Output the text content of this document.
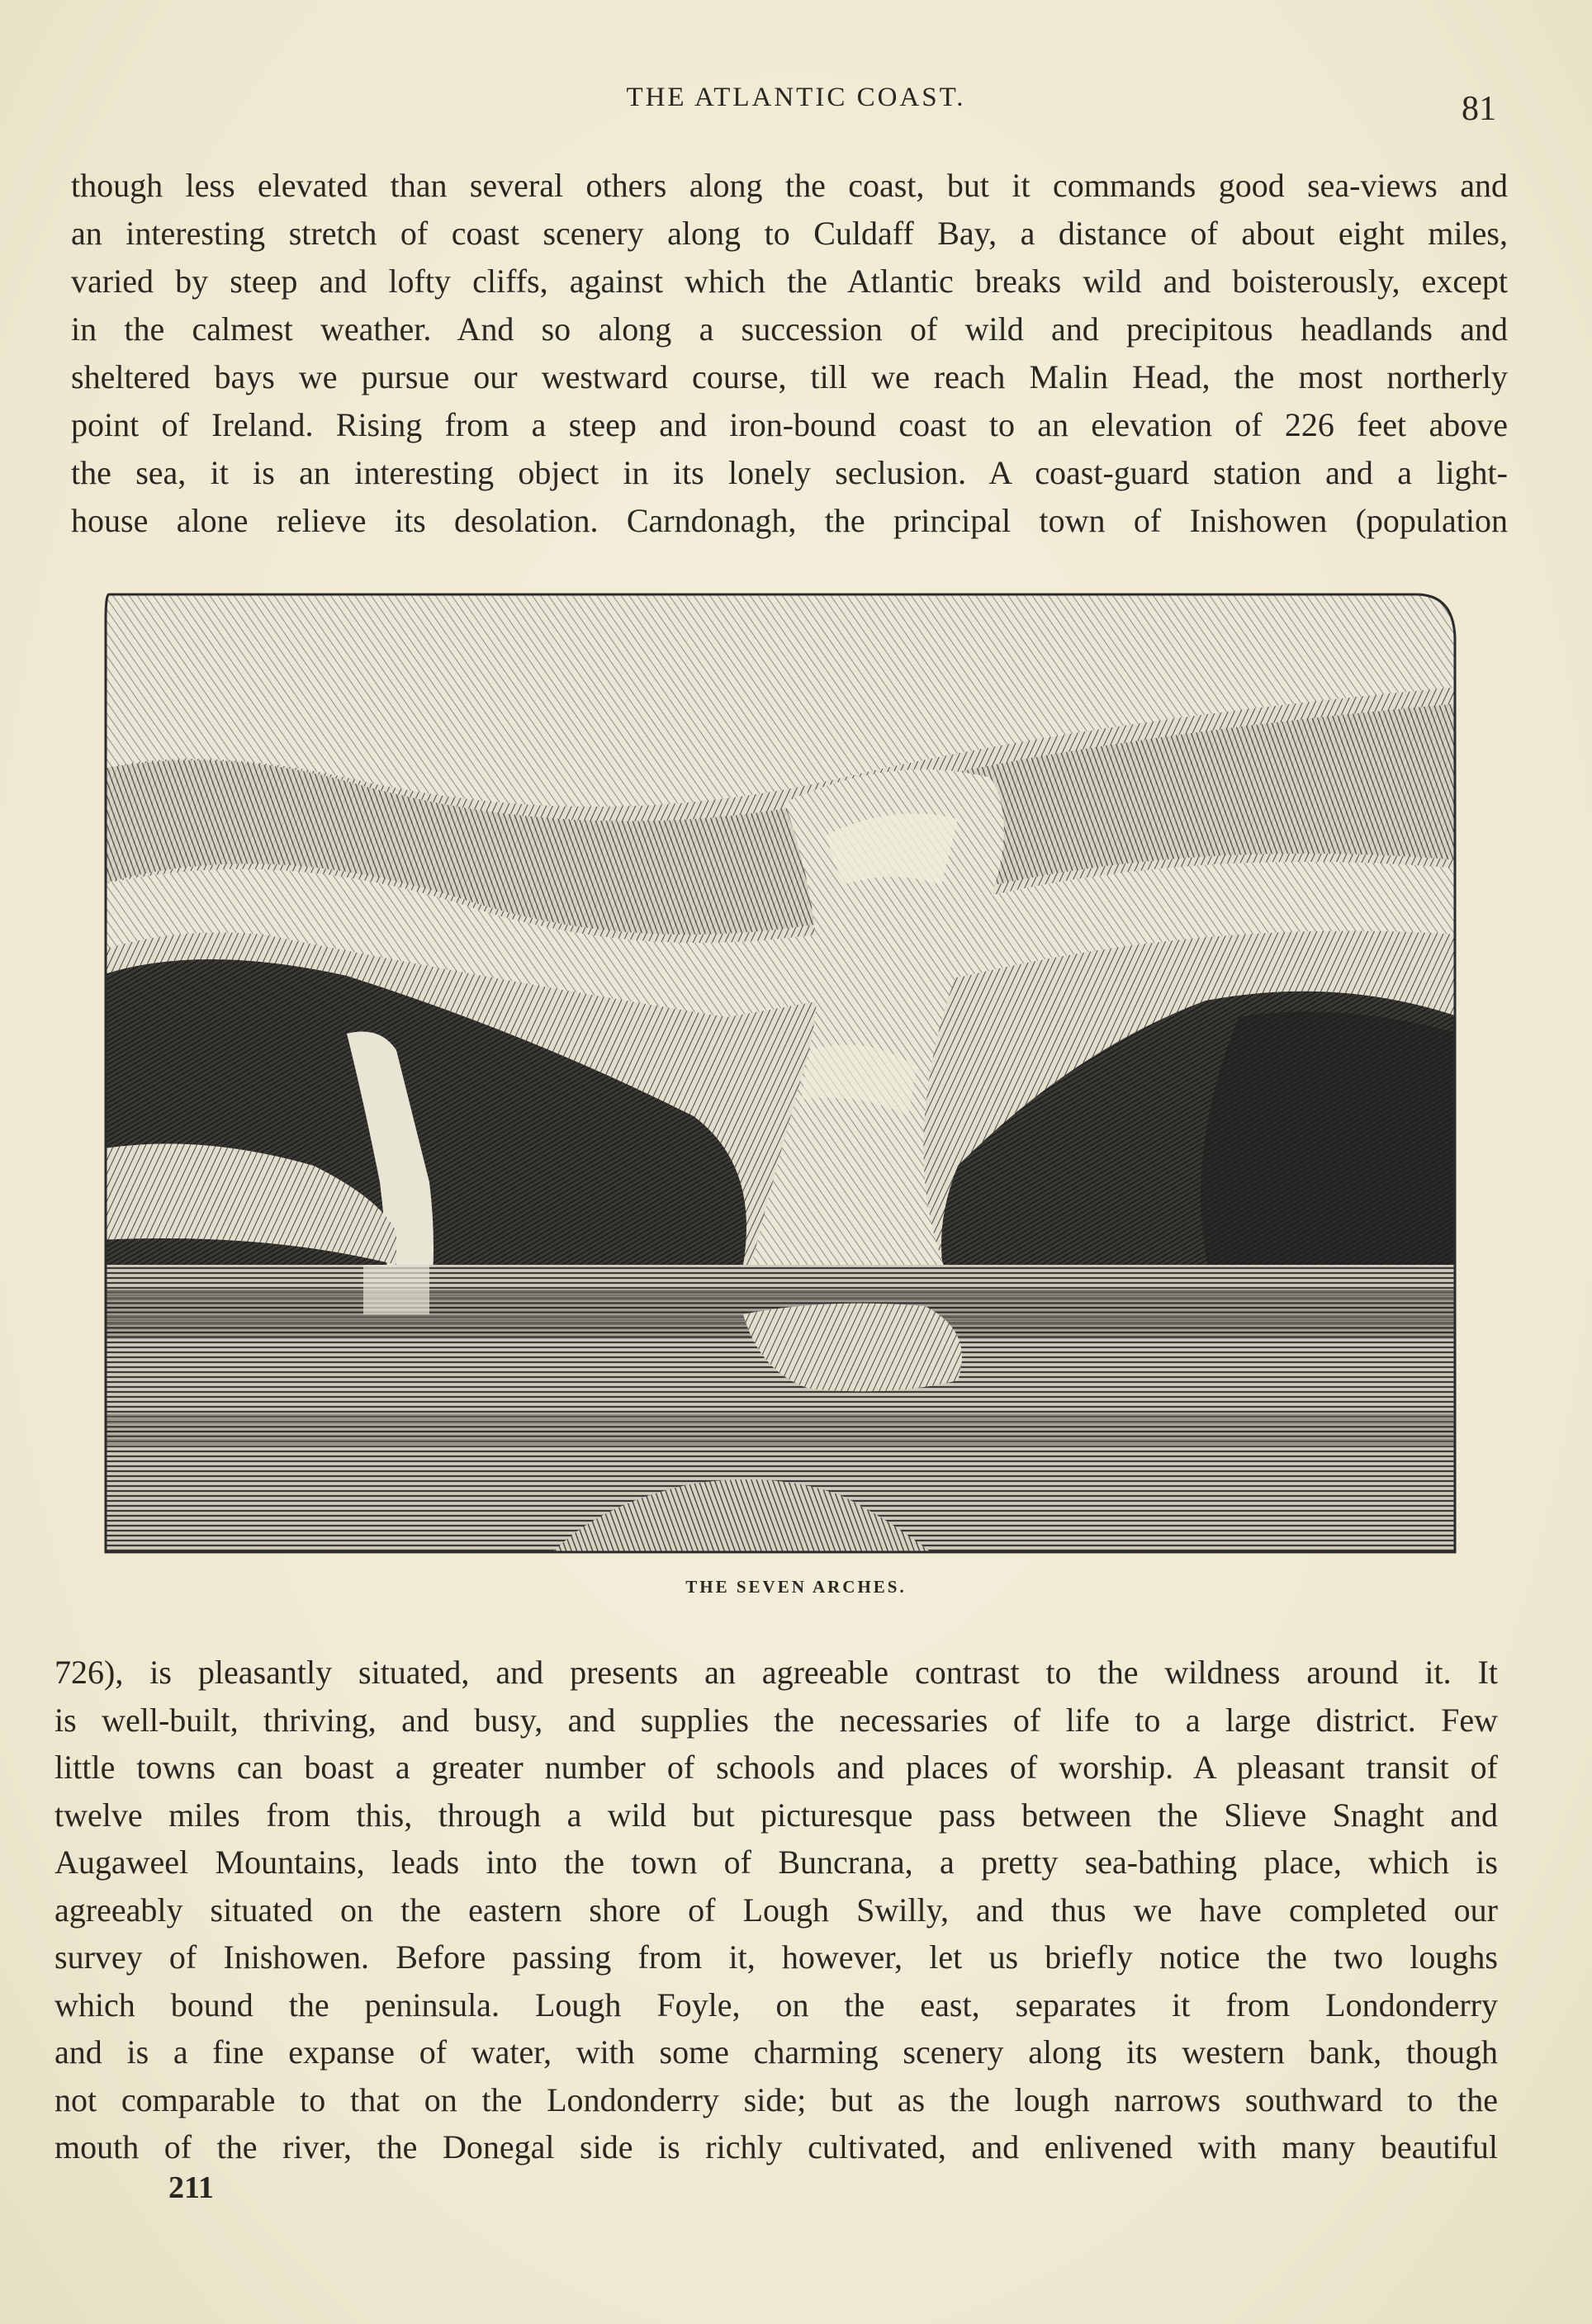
THE ATLANTIC COAST.	81
though less elevated than several others along the coast, but it commands good sea-views and
an interesting stretch of coast scenery along to Culdaff Bay, a distance of about eight miles,
varied by steep and lofty cliffs, against which the Atlantic breaks wild and boisterously, except
in the calmest weather. And so along a succession of wild and precipitous headlands and
sheltered bays we pursue our westward course, till we reach Malin Head, the most northerly
point of Ireland. Rising from a steep and iron-bound coast to an elevation of 226 feet above
the sea, it is an interesting object in its lonely seclusion. A coast-guard station and a light-
house alone relieve its desolation. Carndonagh, the principal town of Inishowen (population
THE SEVEN ARCHES.
726), is pleasantly situated, and presents an agreeable contrast to the wildness around it. It
is well-built, thriving, and busy, and supplies the necessaries of life to a large district. Few
little towns can boast a greater number of schools and places of worship. A pleasant transit of
twelve miles from this, through a wild but picturesque pass between the Slieve Snaght and
Augaweel Mountains, leads into the town of Buncrana, a pretty sea-bathing place, which is
agreeably situated on the eastern shore of Lough Swilly, and thus we have completed our
survey of Inishowen. Before passing from it, however, let us briefly notice the two loughs
which bound the peninsula. Lough Foyle, on the east, separates it from Londonderry
and is a fine expanse of water, with some charming scenery along its western bank, though
not comparable to that on the Londonderry side; but as the lough narrows southward to the
mouth of the river, the Donegal side is richly cultivated, and enlivened with many beautiful
211
